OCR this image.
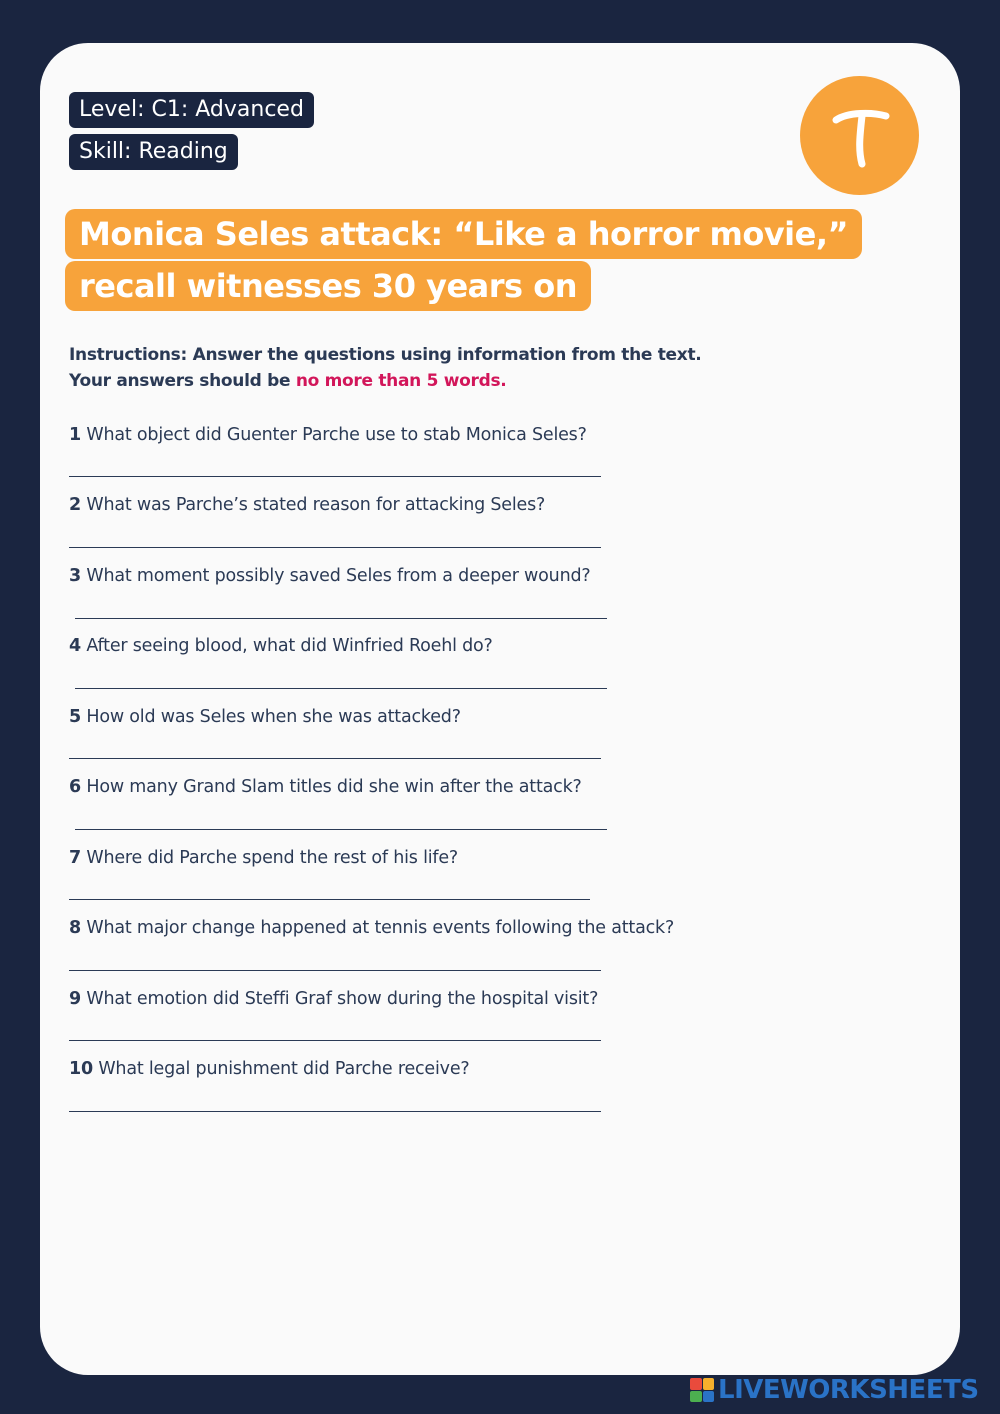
Level: C1: Advanced
Skill: Reading
Monica Seles attack: “Like a horror movie,”
recall witnesses 30 years on
Instructions: Answer the questions using information from the text.
Your answers should be no more than 5 words.
1 What object did Guenter Parche use to stab Monica Seles?
2 What was Parche’s stated reason for attacking Seles?
3 What moment possibly saved Seles from a deeper wound?
4 After seeing blood, what did Winfried Roehl do?
5 How old was Seles when she was attacked?
6 How many Grand Slam titles did she win after the attack?
7 Where did Parche spend the rest of his life?
8 What major change happened at tennis events following the attack?
9 What emotion did Steffi Graf show during the hospital visit?
10 What legal punishment did Parche receive?
LIVEWORKSHEETS
